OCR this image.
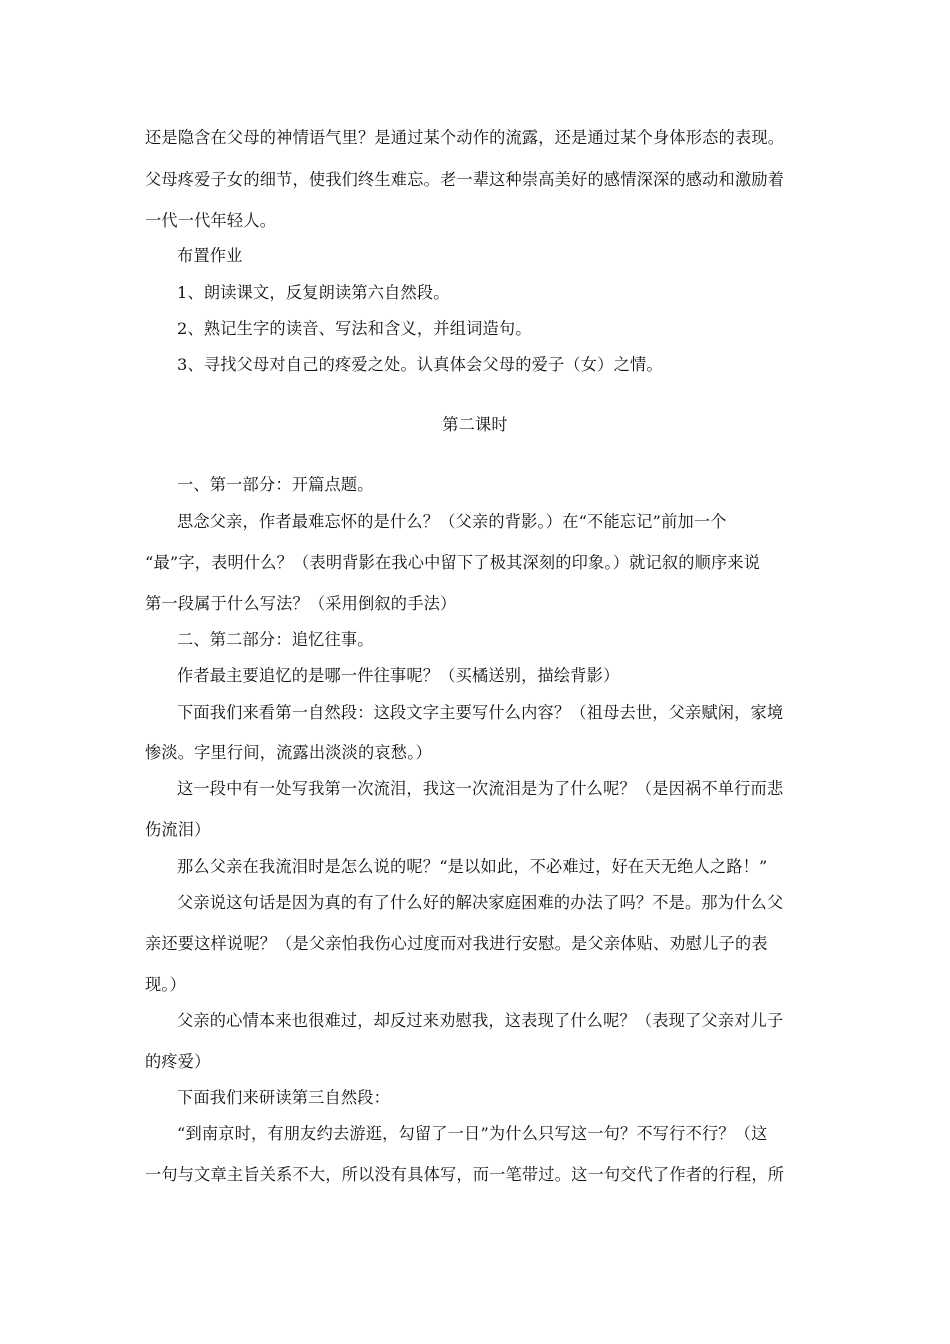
还是隐含在父母的神情语气里？是通过某个动作的流露，还是通过某个身体形态的表现。
父母疼爱子女的细节，使我们终生难忘。老一辈这种崇高美好的感情深深的感动和激励着
一代一代年轻人。
布置作业
1、朗读课文，反复朗读第六自然段。
2、熟记生字的读音、写法和含义，并组词造句。
3、寻找父母对自己的疼爱之处。认真体会父母的爱子（女）之情。
第二课时
一、第一部分：开篇点题。
思念父亲，作者最难忘怀的是什么？（父亲的背影。）在“不能忘记”前加一个
“最”字，表明什么？（表明背影在我心中留下了极其深刻的印象。）就记叙的顺序来说
第一段属于什么写法？（采用倒叙的手法）
二、第二部分：追忆往事。
作者最主要追忆的是哪一件往事呢？（买橘送别，描绘背影）
下面我们来看第一自然段：这段文字主要写什么内容？（祖母去世，父亲赋闲，家境
惨淡。字里行间，流露出淡淡的哀愁。）
这一段中有一处写我第一次流泪，我这一次流泪是为了什么呢？（是因祸不单行而悲
伤流泪）
那么父亲在我流泪时是怎么说的呢？“是以如此，不必难过，好在天无绝人之路！”
父亲说这句话是因为真的有了什么好的解决家庭困难的办法了吗？不是。那为什么父
亲还要这样说呢？（是父亲怕我伤心过度而对我进行安慰。是父亲体贴、劝慰儿子的表
现。）
父亲的心情本来也很难过，却反过来劝慰我，这表现了什么呢？（表现了父亲对儿子
的疼爱）
下面我们来研读第三自然段：
“到南京时，有朋友约去游逛，勾留了一日”为什么只写这一句？不写行不行？（这
一句与文章主旨关系不大，所以没有具体写，而一笔带过。这一句交代了作者的行程，所
